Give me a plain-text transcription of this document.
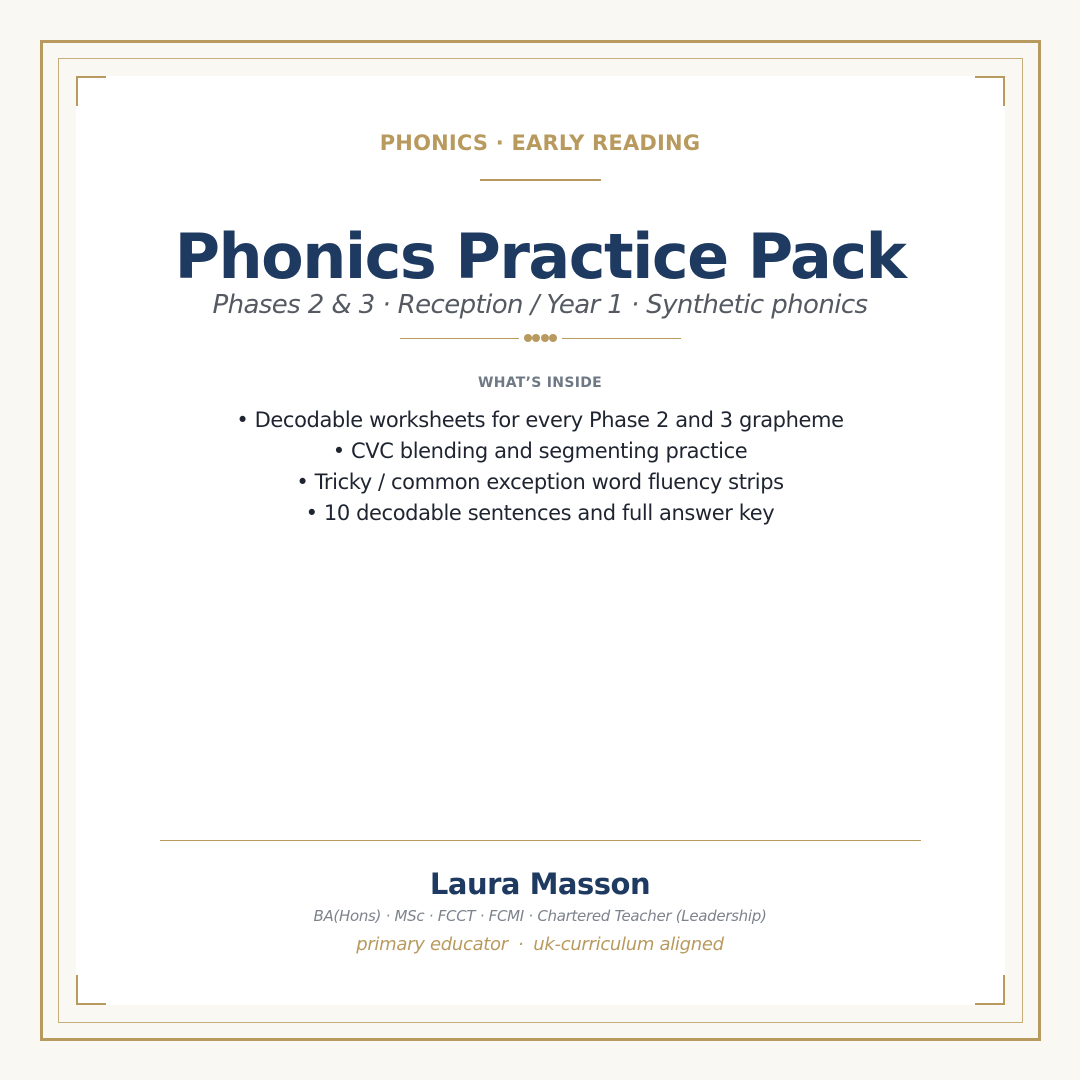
PHONICS · EARLY READING
Phonics Practice Pack
Phases 2 & 3 · Reception / Year 1 · Synthetic phonics
WHAT’S INSIDE
• Decodable worksheets for every Phase 2 and 3 grapheme
• CVC blending and segmenting practice
• Tricky / common exception word fluency strips
• 10 decodable sentences and full answer key
Laura Masson
BA(Hons) · MSc · FCCT · FCMI · Chartered Teacher (Leadership)
primary educator · uk-curriculum aligned
